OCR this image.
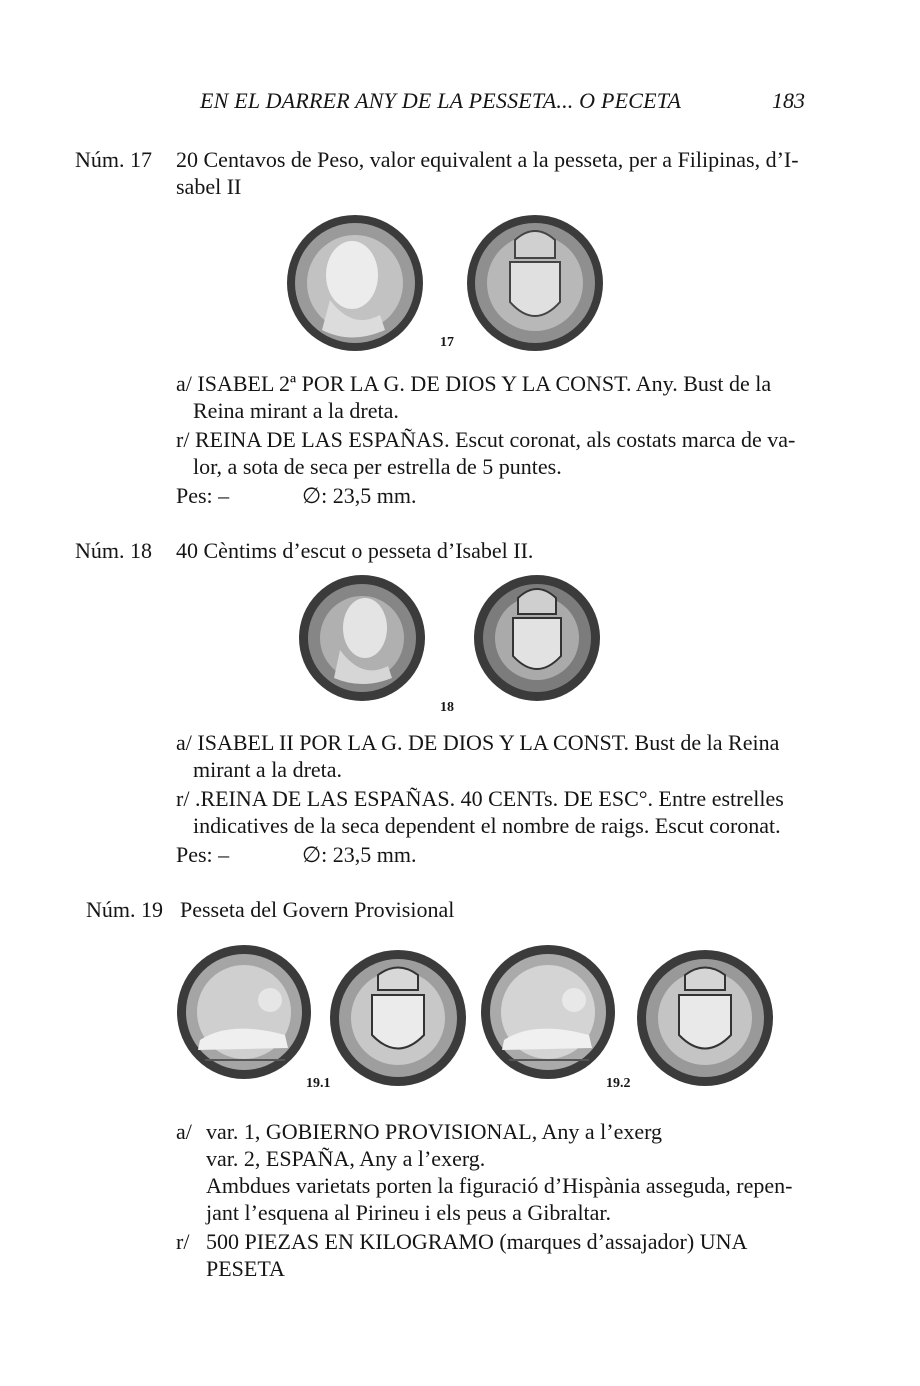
EN EL DARRER ANY DE LA PESSETA... O PECETA	183
Núm. 17 20 Centavos de Peso, valor equivalent a la pesseta, per a Filipinas, d’I-
sabel II
17
a/ ISABEL 2ª POR LA G. DE DIOS Y LA CONST. Any. Bust de la
Reina mirant a la dreta.
r/ REINA DE LAS ESPAÑAS. Escut coronat, als costats marca de va-
lor, a sota de seca per estrella de 5 puntes.
Pes: –	∅: 23,5 mm.
Núm. 18 40 Cèntims d’escut o pesseta d’Isabel II.
18
a/ ISABEL II POR LA G. DE DIOS Y LA CONST. Bust de la Reina
mirant a la dreta.
r/ .REINA DE LAS ESPAÑAS. 40 CENTs. DE ESC°. Entre estrelles
indicatives de la seca dependent el nombre de raigs. Escut coronat.
Pes: –	∅: 23,5 mm.
Núm. 19 Pesseta del Govern Provisional
19.1	19.2
a/ var. 1, GOBIERNO PROVISIONAL, Any a l’exerg
var. 2, ESPAÑA, Any a l’exerg.
Ambdues varietats porten la figuració d’Hispània asseguda, repen-
jant l’esquena al Pirineu i els peus a Gibraltar.
r/ 500 PIEZAS EN KILOGRAMO (marques d’assajador) UNA
PESETA
